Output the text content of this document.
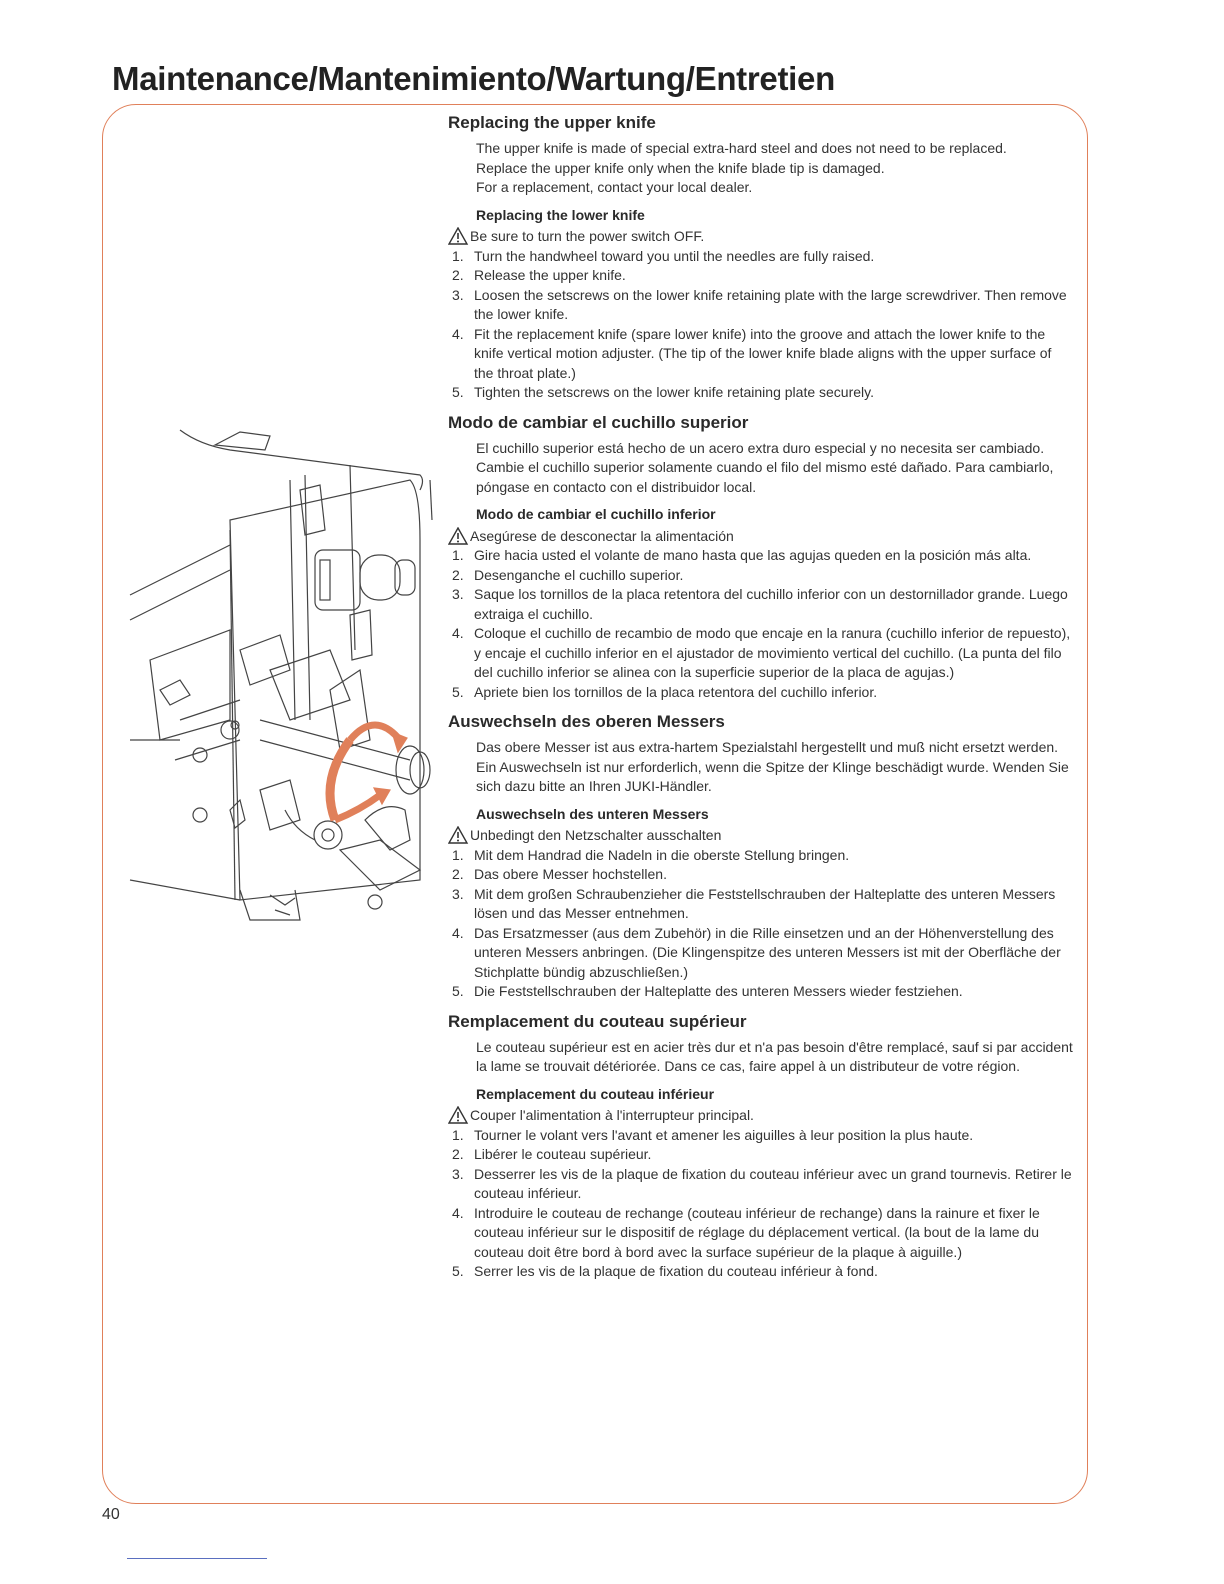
Maintenance/Mantenimiento/Wartung/Entretien
Replacing the upper knife

The upper knife is made of special extra-hard steel and does not need to be replaced.

Replace the upper knife only when the knife blade tip is damaged.

For a replacement, contact your local dealer.

Replacing the lower knife
Be sure to turn the power switch OFF.
1. Turn the handwheel toward you until the needles are fully raised.
2. Release the upper knife.
3. Loosen the setscrews on the lower knife retaining plate with the large screwdriver. Then remove the lower knife.
4. Fit the replacement knife (spare lower knife) into the groove and attach the lower knife to the knife vertical motion adjuster. (The tip of the lower knife blade aligns with the upper surface of the throat plate.)
5. Tighten the setscrews on the lower knife retaining plate securely.
Modo de cambiar el cuchillo superior

El cuchillo superior está hecho de un acero extra duro especial y no necesita ser cambiado.

Cambie el cuchillo superior solamente cuando el filo del mismo esté dañado. Para cambiarlo, póngase en contacto con el distribuidor local.

Modo de cambiar el cuchillo inferior
Asegúrese de desconectar la alimentación
1. Gire hacia usted el volante de mano hasta que las agujas queden en la posición más alta.
2. Desenganche el cuchillo superior.
3. Saque los tornillos de la placa retentora del cuchillo inferior con un destornillador grande. Luego extraiga el cuchillo.
4. Coloque el cuchillo de recambio de modo que encaje en la ranura (cuchillo inferior de repuesto), y encaje el cuchillo inferior en el ajustador de movimiento vertical del cuchillo. (La punta del filo del cuchillo inferior se alinea con la superficie superior de la placa de agujas.)
5. Apriete bien los tornillos de la placa retentora del cuchillo inferior.
Auswechseln des oberen Messers

Das obere Messer ist aus extra-hartem Spezialstahl hergestellt und muß nicht ersetzt werden.

Ein Auswechseln ist nur erforderlich, wenn die Spitze der Klinge beschädigt wurde. Wenden Sie sich dazu bitte an Ihren JUKI-Händler.

Auswechseln des unteren Messers
Unbedingt den Netzschalter ausschalten
1. Mit dem Handrad die Nadeln in die oberste Stellung bringen.
2. Das obere Messer hochstellen.
3. Mit dem großen Schraubenzieher die Feststellschrauben der Halteplatte des unteren Messers lösen und das Messer entnehmen.
4. Das Ersatzmesser (aus dem Zubehör) in die Rille einsetzen und an der Höhenverstellung des unteren Messers anbringen. (Die Klingenspitze des unteren Messers ist mit der Oberfläche der Stichplatte bündig abzuschließen.)
5. Die Feststellschrauben der Halteplatte des unteren Messers wieder festziehen.
Remplacement du couteau supérieur

Le couteau supérieur est en acier très dur et n'a pas besoin d'être remplacé, sauf si par accident la lame se trouvait détériorée. Dans ce cas, faire appel à un distributeur de votre région.

Remplacement du couteau inférieur
Couper l'alimentation à l'interrupteur principal.
1. Tourner le volant vers l'avant et amener les aiguilles à leur position la plus haute.
2. Libérer le couteau supérieur.
3. Desserrer les vis de la plaque de fixation du couteau inférieur avec un grand tournevis. Retirer le couteau inférieur.
4. Introduire le couteau de rechange (couteau inférieur de rechange) dans la rainure et fixer le couteau inférieur sur le dispositif de réglage du déplacement vertical. (la bout de la lame du couteau doit être bord à bord avec la surface supérieur de la plaque à aiguille.)
5. Serrer les vis de la plaque de fixation du couteau inférieur à fond.
40
